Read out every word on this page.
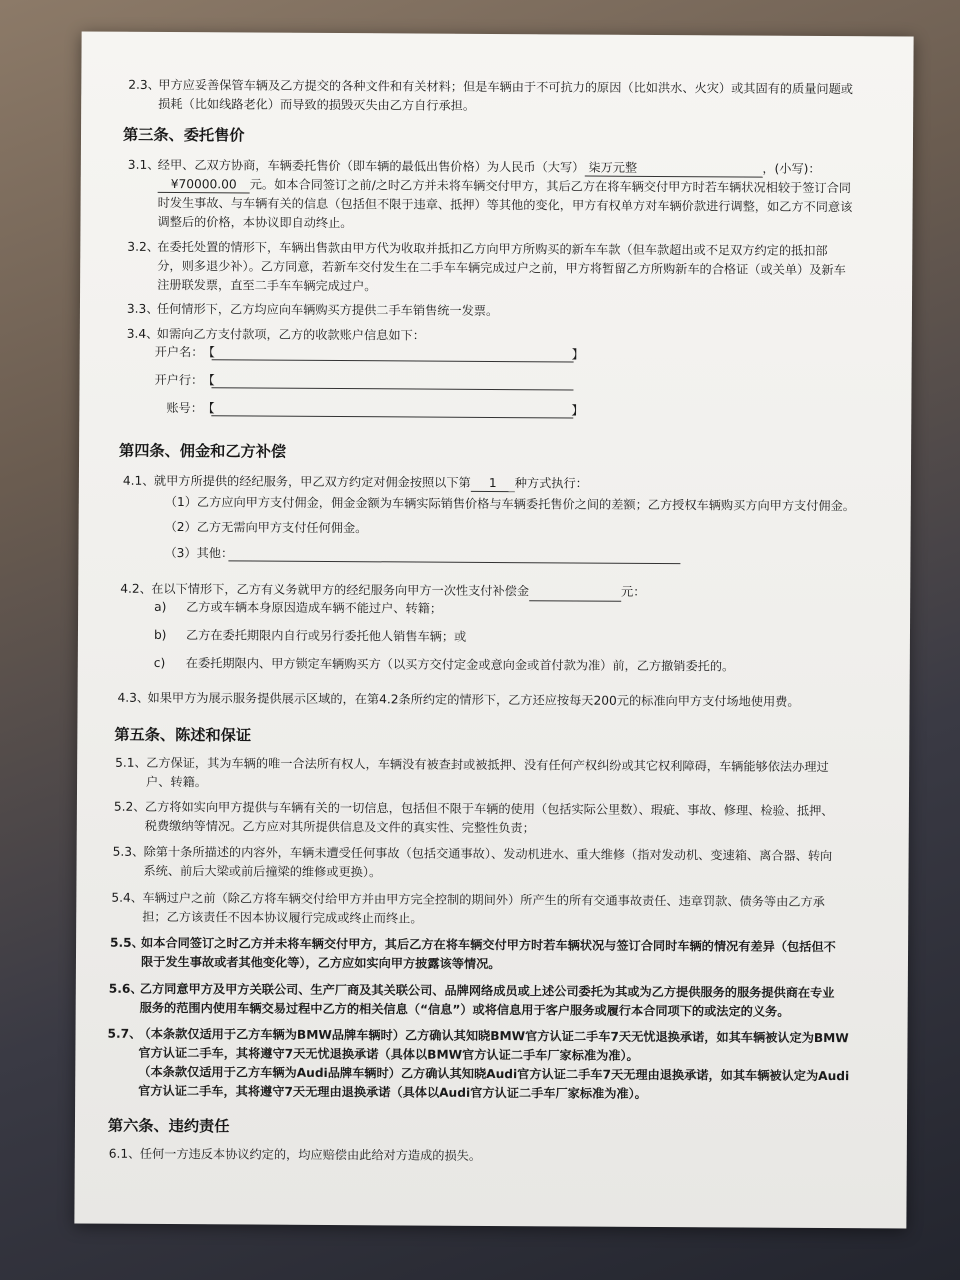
2.3、
甲方应妥善保管车辆及乙方提交的各种文件和有关材料；但是车辆由于不可抗力的原因（比如洪水、火灾）或其固有的质量问题或
损耗（比如线路老化）而导致的损毁灭失由乙方自行承担。
第三条、委托售价
3.1、
经甲、乙双方协商，车辆委托售价（即车辆的最低出售价格）为人民币（大写） 柒万元整	，(小写)：
¥70000.00 元。如本合同签订之前/之时乙方并未将车辆交付甲方，其后乙方在将车辆交付甲方时若车辆状况相较于签订合同
时发生事故、与车辆有关的信息（包括但不限于违章、抵押）等其他的变化，甲方有权单方对车辆价款进行调整，如乙方不同意该
调整后的价格，本协议即自动终止。
3.2、
在委托处置的情形下，车辆出售款由甲方代为收取并抵扣乙方向甲方所购买的新车车款（但车款超出或不足双方约定的抵扣部
分，则多退少补）。乙方同意，若新车交付发生在二手车车辆完成过户之前，甲方将暂留乙方所购新车的合格证（或关单）及新车
注册联发票，直至二手车车辆完成过户。
3.3、
任何情形下，乙方均应向车辆购买方提供二手车销售统一发票。
3.4、
如需向乙方支付款项，乙方的收款账户信息如下：
开户名： 【	】
开户行： 【
账号： 【	】
第四条、佣金和乙方补偿
4.1、 就甲方所提供的经纪服务，甲乙双方约定对佣金按照以下第 1 种方式执行：
（1）乙方应向甲方支付佣金，佣金金额为车辆实际销售价格与车辆委托售价之间的差额；乙方授权车辆购买方向甲方支付佣金。
（2）乙方无需向甲方支付任何佣金。
（3）其他：
4.2、 在以下情形下，乙方有义务就甲方的经纪服务向甲方一次性支付补偿金	元：
a) 乙方或车辆本身原因造成车辆不能过户、转籍；
b) 乙方在委托期限内自行或另行委托他人销售车辆；或
c) 在委托期限内、甲方锁定车辆购买方（以买方交付定金或意向金或首付款为准）前，乙方撤销委托的。
4.3、
如果甲方为展示服务提供展示区域的，在第4.2条所约定的情形下，乙方还应按每天200元的标准向甲方支付场地使用费。
第五条、陈述和保证
5.1、 乙方保证，其为车辆的唯一合法所有权人，车辆没有被查封或被抵押、没有任何产权纠纷或其它权利障碍，车辆能够依法办理过
户、转籍。
5.2、 乙方将如实向甲方提供与车辆有关的一切信息，包括但不限于车辆的使用（包括实际公里数）、瑕疵、事故、修理、检验、抵押、
税费缴纳等情况。乙方应对其所提供信息及文件的真实性、完整性负责；
5.3、 除第十条所描述的内容外，车辆未遭受任何事故（包括交通事故）、发动机进水、重大维修（指对发动机、变速箱、离合器、转向
系统、前后大梁或前后撞梁的维修或更换）。
5.4、 车辆过户之前（除乙方将车辆交付给甲方并由甲方完全控制的期间外）所产生的所有交通事故责任、违章罚款、债务等由乙方承
担；乙方该责任不因本协议履行完成或终止而终止。
5.5、
如本合同签订之时乙方并未将车辆交付甲方，其后乙方在将车辆交付甲方时若车辆状况与签订合同时车辆的情况有差异（包括但不
限于发生事故或者其他变化等），乙方应如实向甲方披露该等情况。
5.6、
乙方同意甲方及甲方关联公司、生产厂商及其关联公司、品牌网络成员或上述公司委托为其或为乙方提供服务的服务提供商在专业
服务的范围内使用车辆交易过程中乙方的相关信息（“信息”）或将信息用于客户服务或履行本合同项下的或法定的义务。
5.7、
（本条款仅适用于乙方车辆为BMW品牌车辆时）乙方确认其知晓BMW官方认证二手车7天无忧退换承诺，如其车辆被认定为BMW
官方认证二手车，其将遵守7天无忧退换承诺（具体以BMW官方认证二手车厂家标准为准）。
（本条款仅适用于乙方车辆为Audi品牌车辆时）乙方确认其知晓Audi官方认证二手车7天无理由退换承诺，如其车辆被认定为Audi
官方认证二手车，其将遵守7天无理由退换承诺（具体以Audi官方认证二手车厂家标准为准）。
第六条、违约责任
6.1、 任何一方违反本协议约定的，均应赔偿由此给对方造成的损失。
